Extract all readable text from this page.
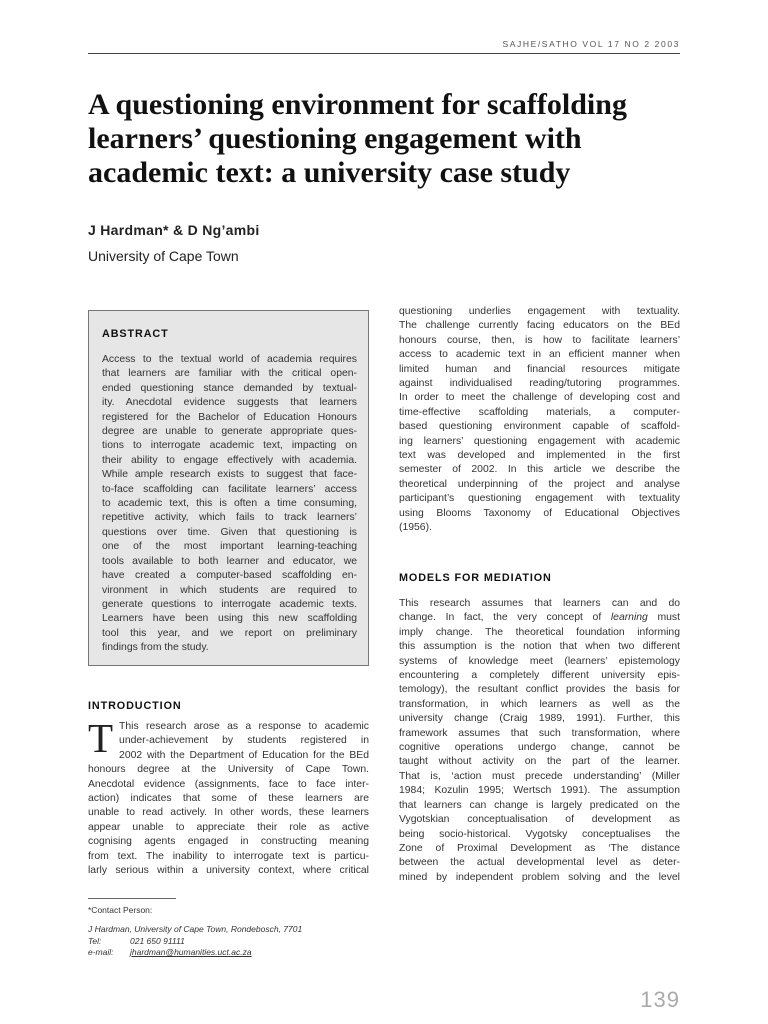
SAJHE/SATHO VOL 17 NO 2 2003
A questioning environment for scaffolding
learners’ questioning engagement with
academic text: a university case study
J Hardman* & D Ng’ambi
University of Cape Town

ABSTRACT

Access to the textual world of academia requires
that learners are familiar with the critical open-
ended questioning stance demanded by textual-
ity. Anecdotal evidence suggests that learners
registered for the Bachelor of Education Honours
degree are unable to generate appropriate ques-
tions to interrogate academic text, impacting on
their ability to engage effectively with academia.
While ample research exists to suggest that face-
to-face scaffolding can facilitate learners’ access
to academic text, this is often a time consuming,
repetitive activity, which fails to track learners’
questions over time. Given that questioning is
one of the most important learning-teaching
tools available to both learner and educator, we
have created a computer-based scaffolding en-
vironment in which students are required to
generate questions to interrogate academic texts.
Learners have been using this new scaffolding
tool this year, and we report on preliminary
findings from the study.

INTRODUCTION

T This research arose as a response to academic
under-achievement by students registered in
2002 with the Department of Education for the BEd
honours degree at the University of Cape Town.
Anecdotal evidence (assignments, face to face inter-
action) indicates that some of these learners are
unable to read actively. In other words, these learners
appear unable to appreciate their role as active
cognising agents engaged in constructing meaning
from text. The inability to interrogate text is particu-
larly serious within a university context, where critical
questioning underlies engagement with textuality.
The challenge currently facing educators on the BEd
honours course, then, is how to facilitate learners’
access to academic text in an efficient manner when
limited human and financial resources mitigate
against individualised reading/tutoring programmes.
In order to meet the challenge of developing cost and
time-effective scaffolding materials, a computer-
based questioning environment capable of scaffold-
ing learners’ questioning engagement with academic
text was developed and implemented in the first
semester of 2002. In this article we describe the
theoretical underpinning of the project and analyse
participant’s questioning engagement with textuality
using Blooms Taxonomy of Educational Objectives
(1956).

MODELS FOR MEDIATION

This research assumes that learners can and do
change. In fact, the very concept of learning must
imply change. The theoretical foundation informing
this assumption is the notion that when two different
systems of knowledge meet (learners’ epistemology
encountering a completely different university epis-
temology), the resultant conflict provides the basis for
transformation, in which learners as well as the
university change (Craig 1989, 1991). Further, this
framework assumes that such transformation, where
cognitive operations undergo change, cannot be
taught without activity on the part of the learner.
That is, ‘action must precede understanding’ (Miller
1984; Kozulin 1995; Wertsch 1991). The assumption
that learners can change is largely predicated on the
Vygotskian conceptualisation of development as
being socio-historical. Vygotsky conceptualises the
Zone of Proximal Development as ‘The distance
between the actual developmental level as deter-
mined by independent problem solving and the level
*Contact Person:
J Hardman, University of Cape Town, Rondebosch, 7701
Tel:	021 650 91111
e-mail: jhardman@humanities.uct.ac.za
139
